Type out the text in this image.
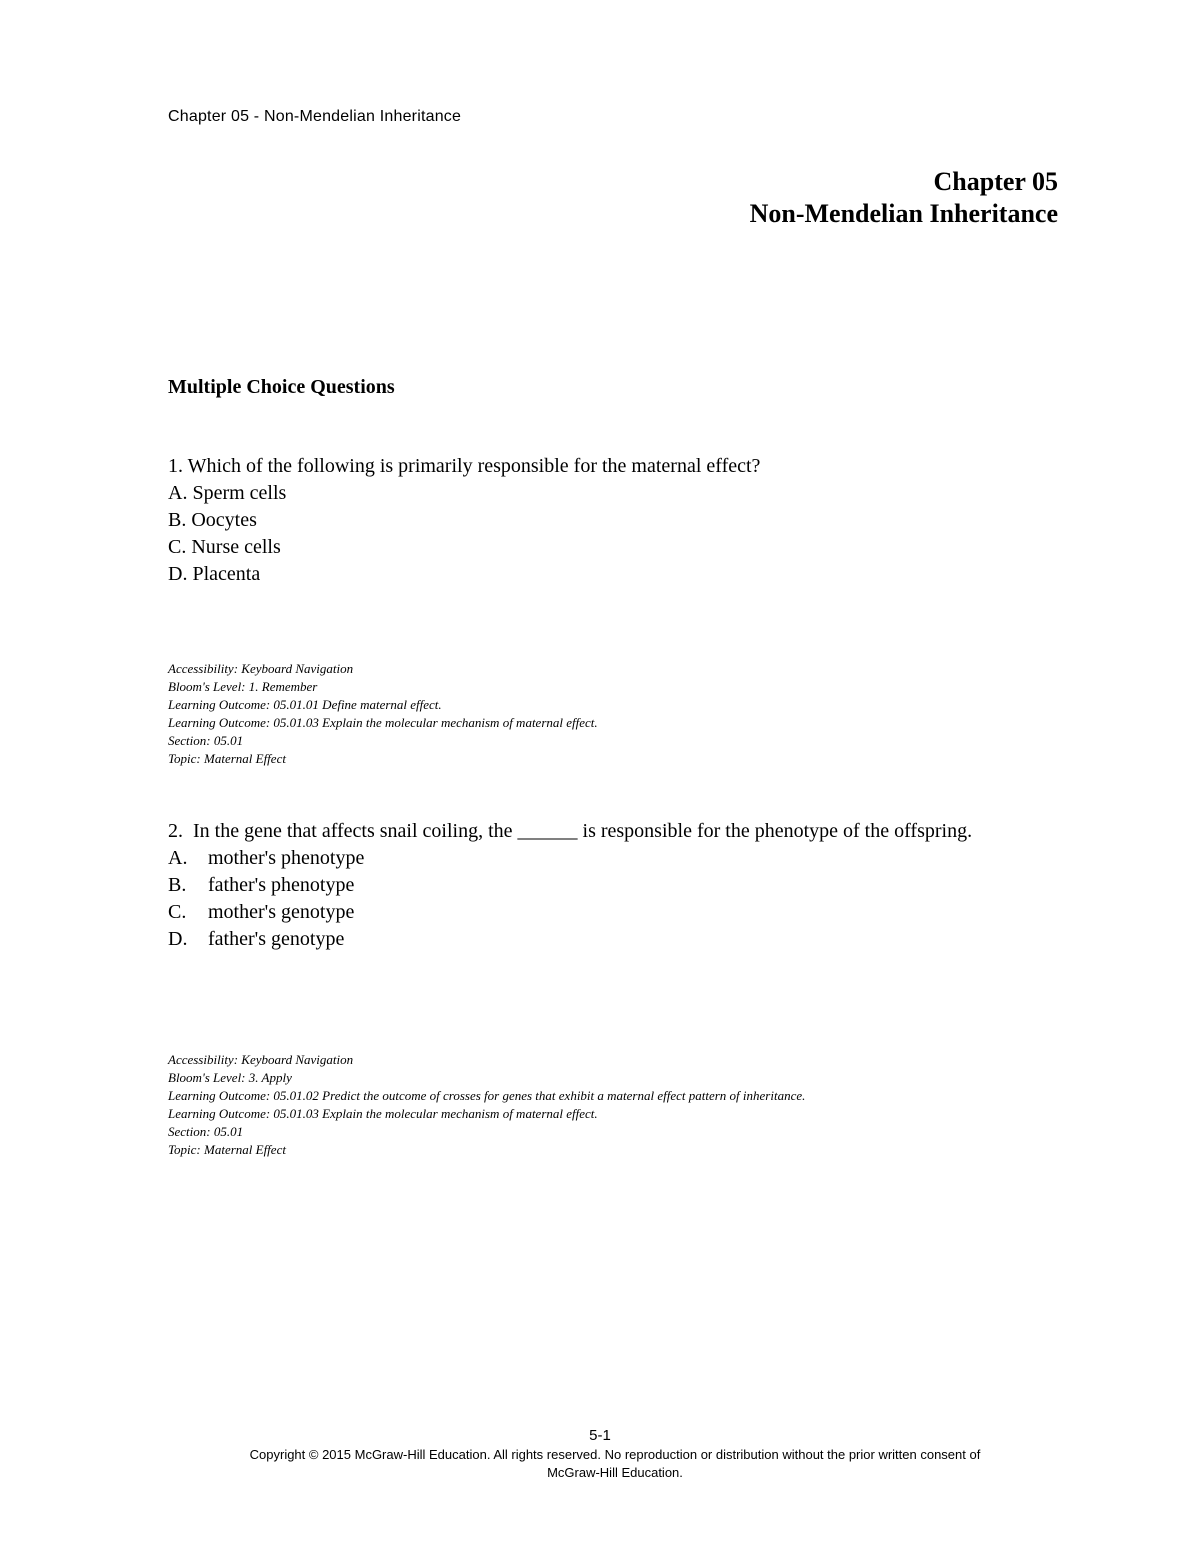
Chapter 05 - Non-Mendelian Inheritance
Chapter 05
Non-Mendelian Inheritance
Multiple Choice Questions

1. Which of the following is primarily responsible for the maternal effect?

A. Sperm cells
B. Oocytes
C. Nurse cells
D. Placenta
Accessibility: Keyboard Navigation
Bloom's Level: 1. Remember
Learning Outcome: 05.01.01 Define maternal effect.
Learning Outcome: 05.01.03 Explain the molecular mechanism of maternal effect.
Section: 05.01
Topic: Maternal Effect

2.  In the gene that affects snail coiling, the ______ is responsible for the phenotype of the offspring.

A. mother's phenotype
B. father's phenotype
C. mother's genotype
D. father's genotype
Accessibility: Keyboard Navigation
Bloom's Level: 3. Apply
Learning Outcome: 05.01.02 Predict the outcome of crosses for genes that exhibit a maternal effect pattern of inheritance.
Learning Outcome: 05.01.03 Explain the molecular mechanism of maternal effect.
Section: 05.01
Topic: Maternal Effect
5-1
Copyright © 2015 McGraw-Hill Education. All rights reserved. No reproduction or distribution without the prior written consent of
McGraw-Hill Education.
